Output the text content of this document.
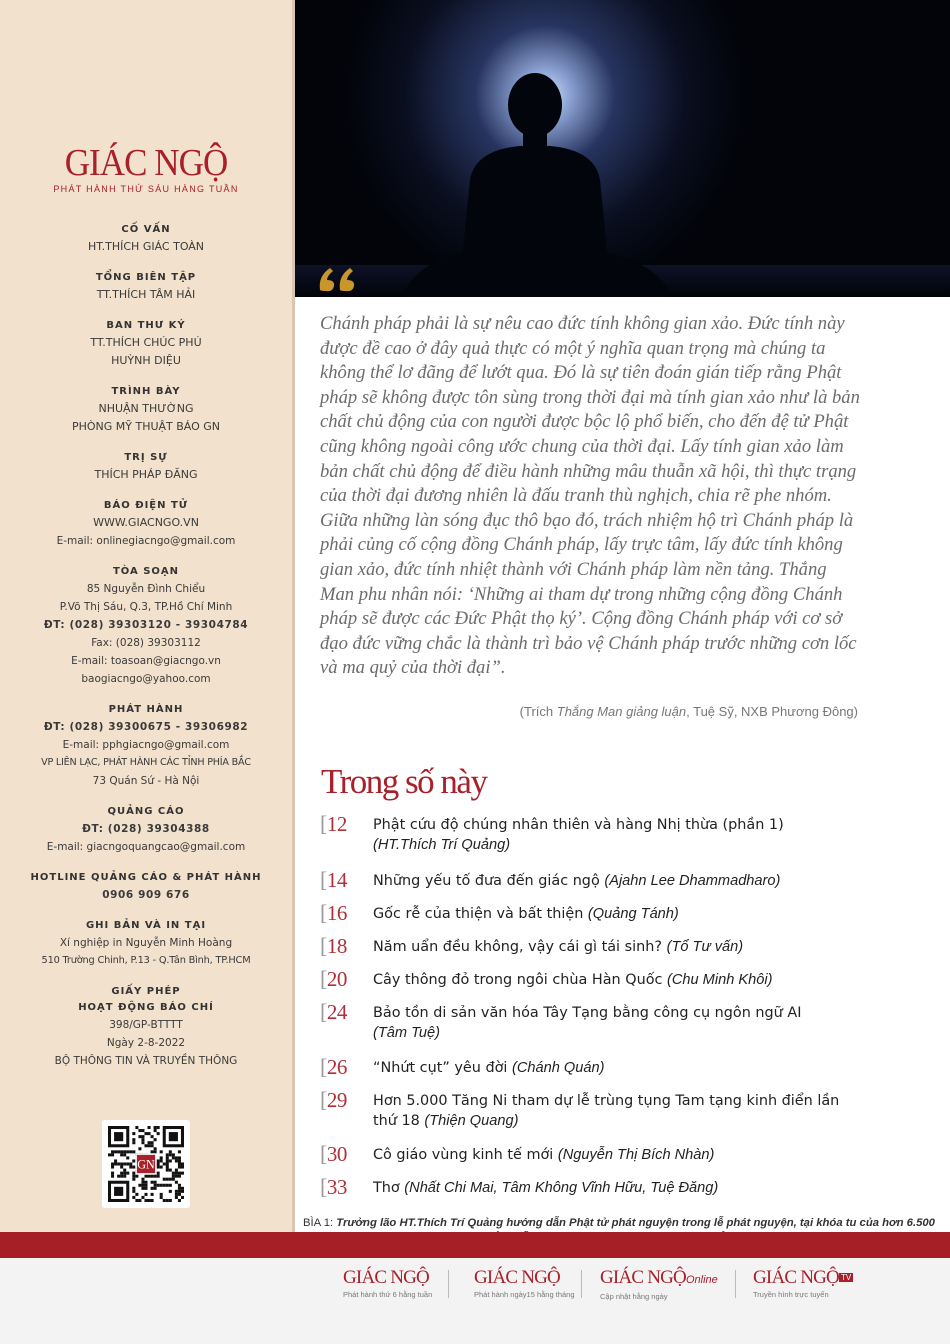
GIÁC NGỘ
PHÁT HÀNH THỨ SÁU HÀNG TUẦN
CỐ VẤN
HT.THÍCH GIÁC TOÀN
TỔNG BIÊN TẬP
TT.THÍCH TÂM HẢI
BAN THƯ KÝ
TT.THÍCH CHÚC PHÚ
HUỲNH DIỆU
TRÌNH BÀY
NHUẬN THƯỜNG
PHÒNG MỸ THUẬT BÁO GN
TRỊ SỰ
THÍCH PHÁP ĐĂNG
BÁO ĐIỆN TỬ
WWW.GIACNGO.VN
E-mail: onlinegiacngo@gmail.com
TÒA SOẠN
85 Nguyễn Đình Chiểu
P.Võ Thị Sáu, Q.3, TP.Hồ Chí Minh
ĐT: (028) 39303120 - 39304784
Fax: (028) 39303112
E-mail: toasoan@giacngo.vn
baogiacngo@yahoo.com
PHÁT HÀNH
ĐT: (028) 39300675 - 39306982
E-mail: pphgiacngo@gmail.com
VP LIÊN LẠC, PHÁT HÀNH CÁC TỈNH PHÍA BẮC
73 Quán Sứ - Hà Nội
QUẢNG CÁO
ĐT: (028) 39304388
E-mail: giacngoquangcao@gmail.com
HOTLINE QUẢNG CÁO & PHÁT HÀNH
0906 909 676
GHI BẢN VÀ IN TẠI
Xí nghiệp in Nguyễn Minh Hoàng
510 Trường Chinh, P.13 - Q.Tân Bình, TP.HCM
GIẤY PHÉP
HOẠT ĐỘNG BÁO CHÍ
398/GP-BTTTT
Ngày 2-8-2022
BỘ THÔNG TIN VÀ TRUYỀN THÔNG
GN
Chánh pháp phải là sự nêu cao đức tính không gian xảo. Đức tính này được đề cao ở đây quả thực có một ý nghĩa quan trọng mà chúng ta không thể lơ đãng để lướt qua. Đó là sự tiên đoán gián tiếp rằng Phật pháp sẽ không được tôn sùng trong thời đại mà tính gian xảo như là bản chất chủ động của con người được bộc lộ phổ biến, cho đến đệ tử Phật cũng không ngoài công ước chung của thời đại. Lấy tính gian xảo làm bản chất chủ động để điều hành những mâu thuẫn xã hội, thì thực trạng của thời đại đương nhiên là đấu tranh thù nghịch, chia rẽ phe nhóm. Giữa những làn sóng đục thô bạo đó, trách nhiệm hộ trì Chánh pháp là phải củng cố cộng đồng Chánh pháp, lấy trực tâm, lấy đức tính không gian xảo, đức tính nhiệt thành với Chánh pháp làm nền tảng. Thắng Man phu nhân nói: ‘Những ai tham dự trong những cộng đồng Chánh pháp sẽ được các Đức Phật thọ ký’. Cộng đồng Chánh pháp với cơ sở đạo đức vững chắc là thành trì bảo vệ Chánh pháp trước những cơn lốc và ma quỷ của thời đại”.
(Trích Thắng Man giảng luận, Tuệ Sỹ, NXB Phương Đông)
Trong số này
[12	Phật cứu độ chúng nhân thiên và hàng Nhị thừa (phần 1)
(HT.Thích Trí Quảng)
[14	Những yếu tố đưa đến giác ngộ (Ajahn Lee Dhammadharo)
[16	Gốc rễ của thiện và bất thiện (Quảng Tánh)
[18	Năm uẩn đều không, vậy cái gì tái sinh? (Tổ Tư vấn)
[20	Cây thông đỏ trong ngôi chùa Hàn Quốc (Chu Minh Khôi)
[24	Bảo tồn di sản văn hóa Tây Tạng bằng công cụ ngôn ngữ AI
(Tâm Tuệ)
[26	“Nhứt cụt” yêu đời (Chánh Quán)
[29	Hơn 5.000 Tăng Ni tham dự lễ trùng tụng Tam tạng kinh điển lần thứ 18 (Thiện Quang)
[30	Cô giáo vùng kinh tế mới (Nguyễn Thị Bích Nhàn)
[33	Thơ (Nhất Chi Mai, Tâm Không Vĩnh Hữu, Tuệ Đăng)
BÌA 1: Trưởng lão HT.Thích Trí Quảng hướng dẫn Phật tử phát nguyện trong lễ phát nguyện, tại khóa tu của hơn 6.500
GIÁC NGỘ
Phát hành thứ 6 hằng tuần
GIÁC NGỘ
Phát hành ngày15 hằng tháng
GIÁC NGỘOnline
Cập nhật hằng ngày
GIÁC NGỘ $^{TV}$
Truyền hình trực tuyến
